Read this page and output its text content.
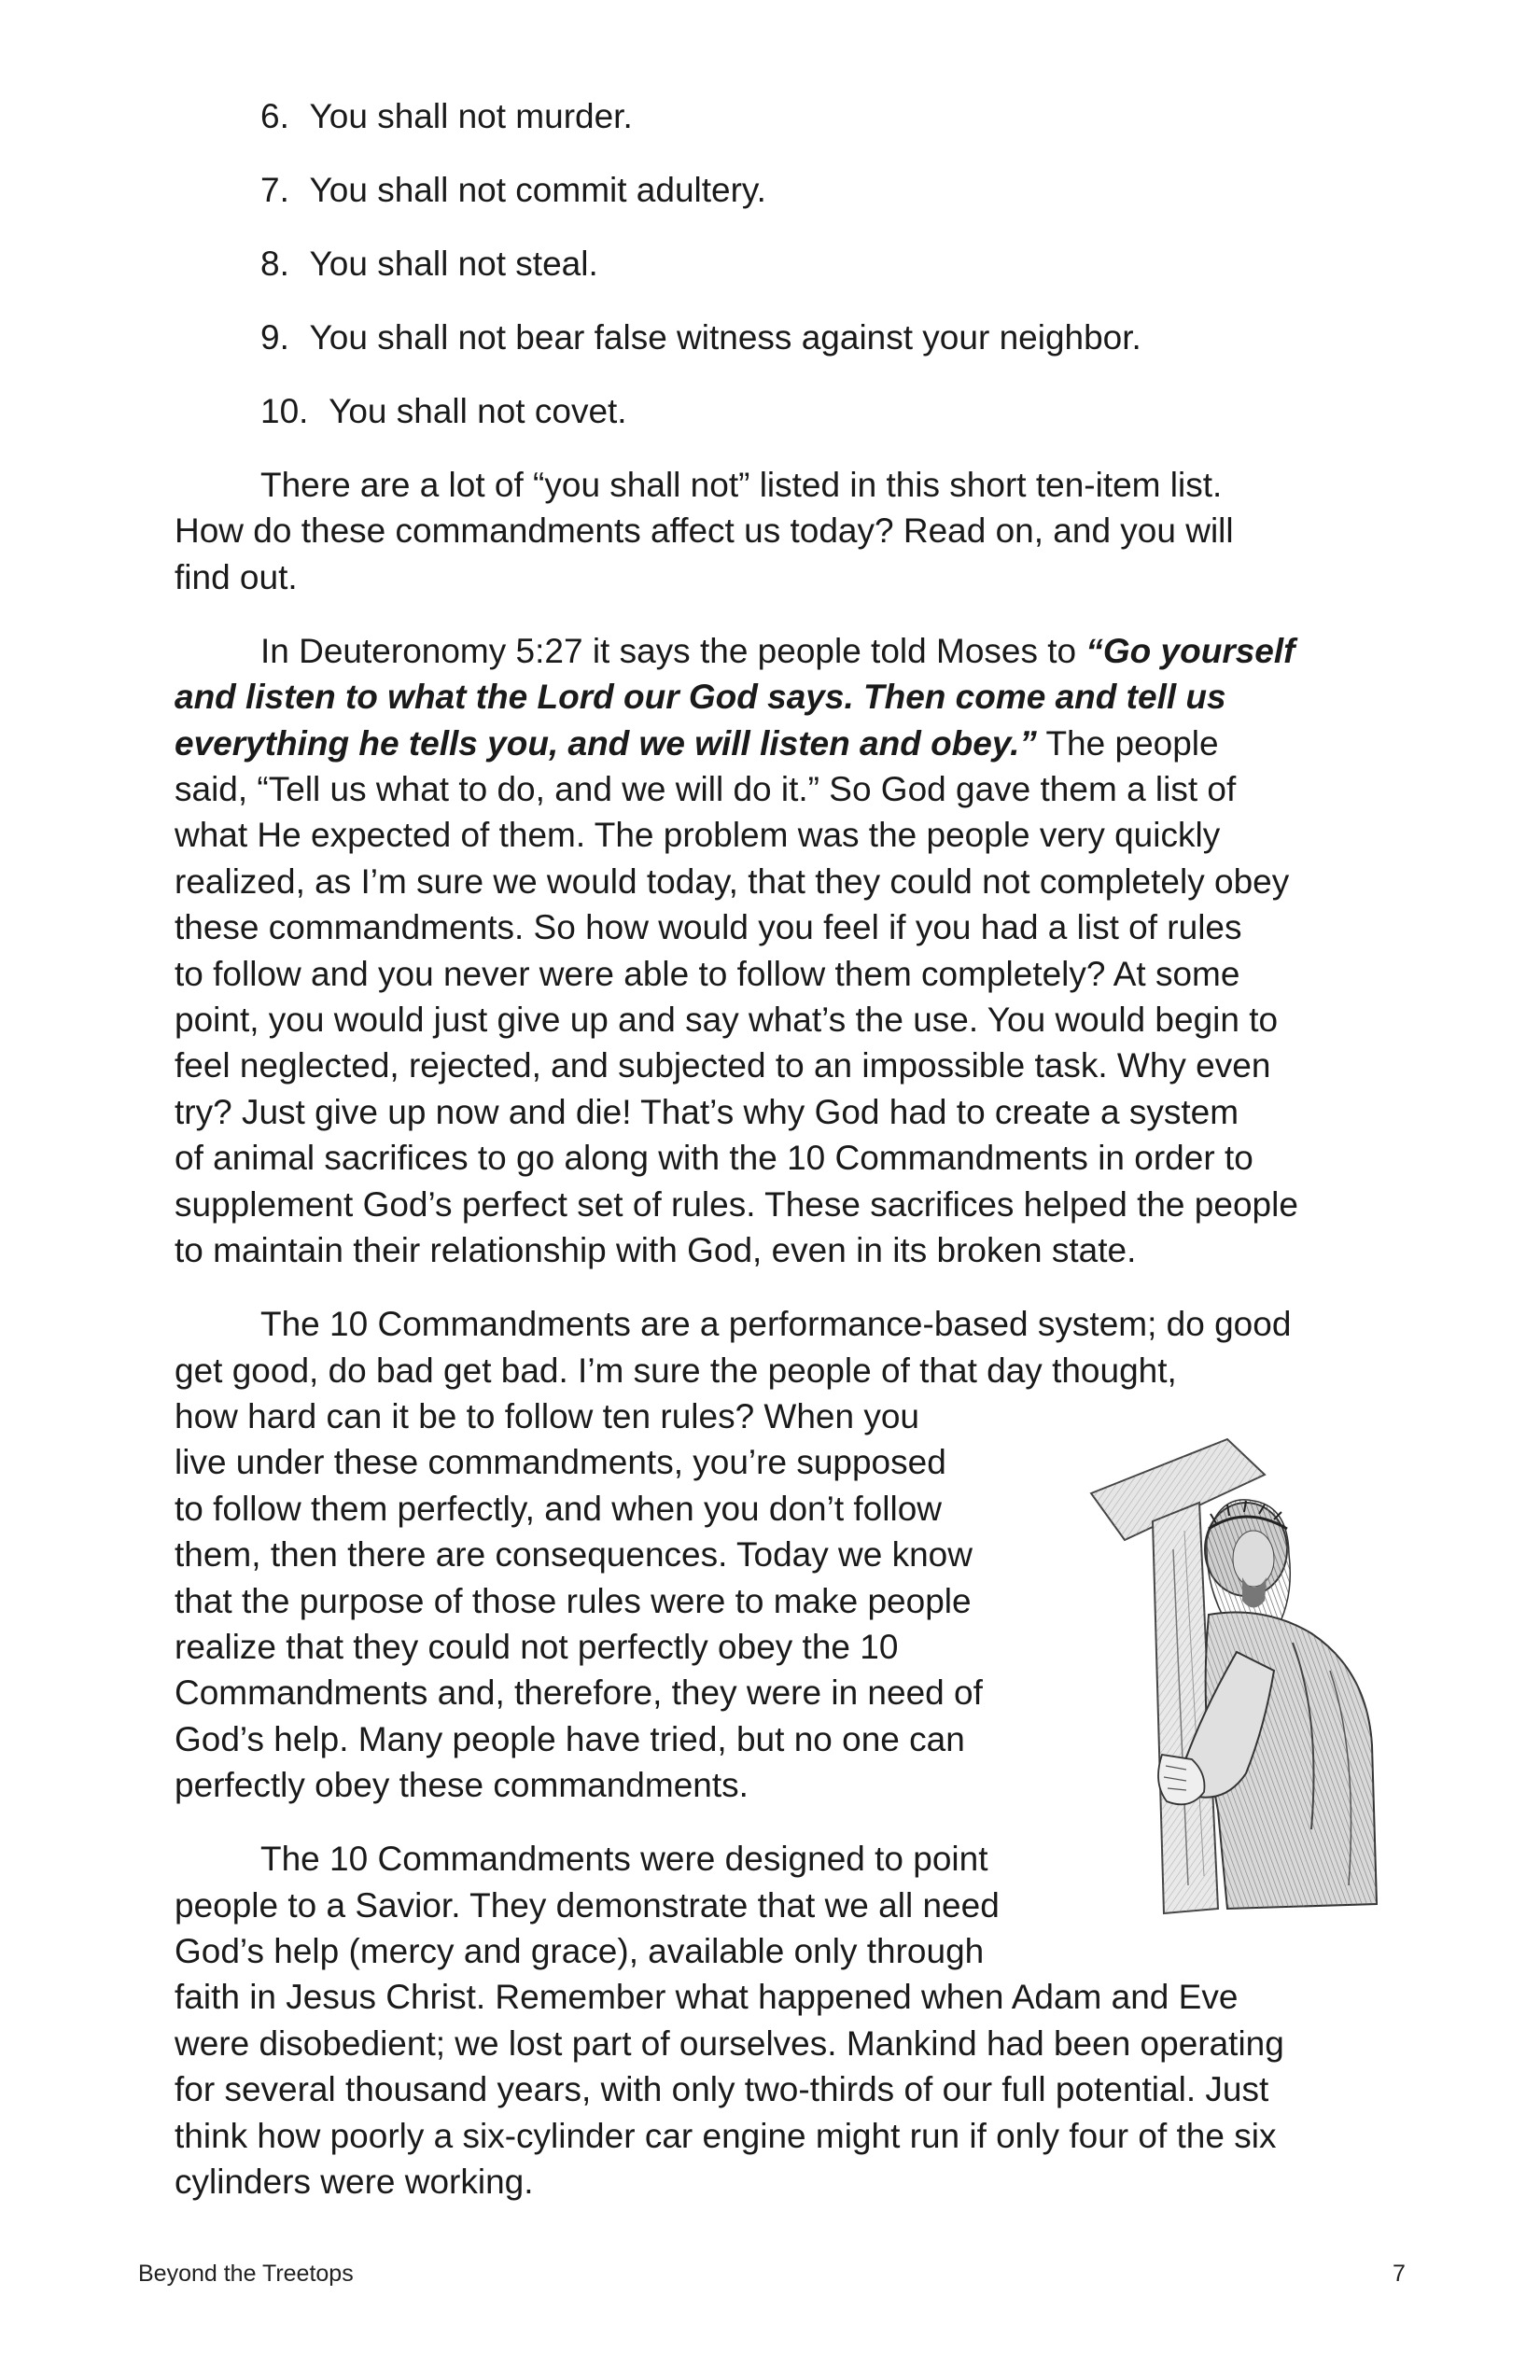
6. You shall not murder.
7. You shall not commit adultery.
8. You shall not steal.
9. You shall not bear false witness against your neighbor.
10. You shall not covet.
There are a lot of “you shall not” listed in this short ten-item list.
How do these commandments affect us today? Read on, and you will
find out.
In Deuteronomy 5:27 it says the people told Moses to “Go yourself
and listen to what the Lord our God says. Then come and tell us
everything he tells you, and we will listen and obey.” The people
said, “Tell us what to do, and we will do it.” So God gave them a list of
what He expected of them. The problem was the people very quickly
realized, as I’m sure we would today, that they could not completely obey
these commandments. So how would you feel if you had a list of rules
to follow and you never were able to follow them completely? At some
point, you would just give up and say what’s the use. You would begin to
feel neglected, rejected, and subjected to an impossible task. Why even
try? Just give up now and die! That’s why God had to create a system
of animal sacrifices to go along with the 10 Commandments in order to
supplement God’s perfect set of rules. These sacrifices helped the people
to maintain their relationship with God, even in its broken state.
The 10 Commandments are a performance-based system; do good
get good, do bad get bad. I’m sure the people of that day thought,
how hard can it be to follow ten rules? When you
live under these commandments, you’re supposed
to follow them perfectly, and when you don’t follow
them, then there are consequences. Today we know
that the purpose of those rules were to make people
realize that they could not perfectly obey the 10
Commandments and, therefore, they were in need of
God’s help. Many people have tried, but no one can
perfectly obey these commandments.
The 10 Commandments were designed to point
people to a Savior. They demonstrate that we all need
God’s help (mercy and grace), available only through
faith in Jesus Christ. Remember what happened when Adam and Eve
were disobedient; we lost part of ourselves. Mankind had been operating
for several thousand years, with only two-thirds of our full potential. Just
think how poorly a six-cylinder car engine might run if only four of the six
cylinders were working.
Beyond the Treetops	7
